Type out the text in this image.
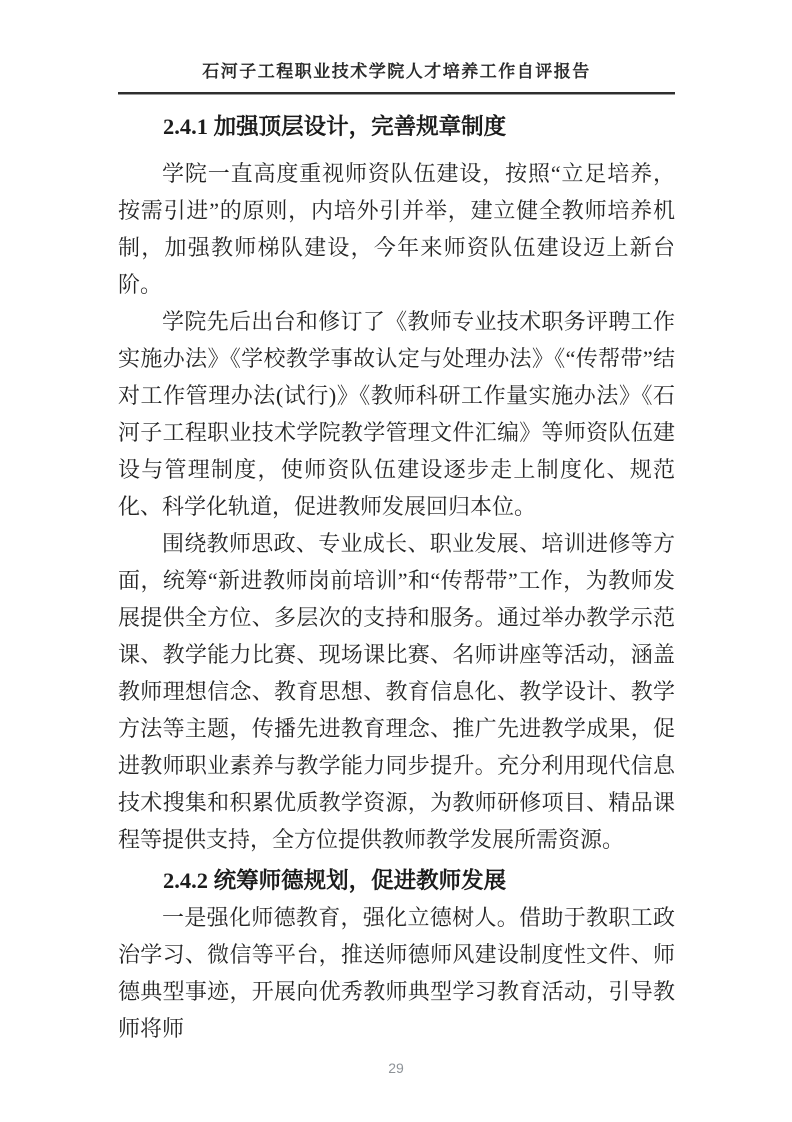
石河子工程职业技术学院人才培养工作自评报告
2.4.1 加强顶层设计，完善规章制度

学院一直高度重视师资队伍建设，按照“立足培养，按需引进”的原则，内培外引并举，建立健全教师培养机制，加强教师梯队建设，今年来师资队伍建设迈上新台阶。

学院先后出台和修订了《教师专业技术职务评聘工作实施办法》《学校教学事故认定与处理办法》《“传帮带”结对工作管理办法(试行)》《教师科研工作量实施办法》《石河子工程职业技术学院教学管理文件汇编》等师资队伍建设与管理制度，使师资队伍建设逐步走上制度化、规范化、科学化轨道，促进教师发展回归本位。

围绕教师思政、专业成长、职业发展、培训进修等方面，统筹“新进教师岗前培训”和“传帮带”工作，为教师发展提供全方位、多层次的支持和服务。通过举办教学示范课、教学能力比赛、现场课比赛、名师讲座等活动，涵盖教师理想信念、教育思想、教育信息化、教学设计、教学方法等主题，传播先进教育理念、推广先进教学成果，促进教师职业素养与教学能力同步提升。充分利用现代信息技术搜集和积累优质教学资源，为教师研修项目、精品课程等提供支持，全方位提供教师教学发展所需资源。

2.4.2 统筹师德规划，促进教师发展

一是强化师德教育，强化立德树人。借助于教职工政治学习、微信等平台，推送师德师风建设制度性文件、师德典型事迹，开展向优秀教师典型学习教育活动，引导教师将师

29
